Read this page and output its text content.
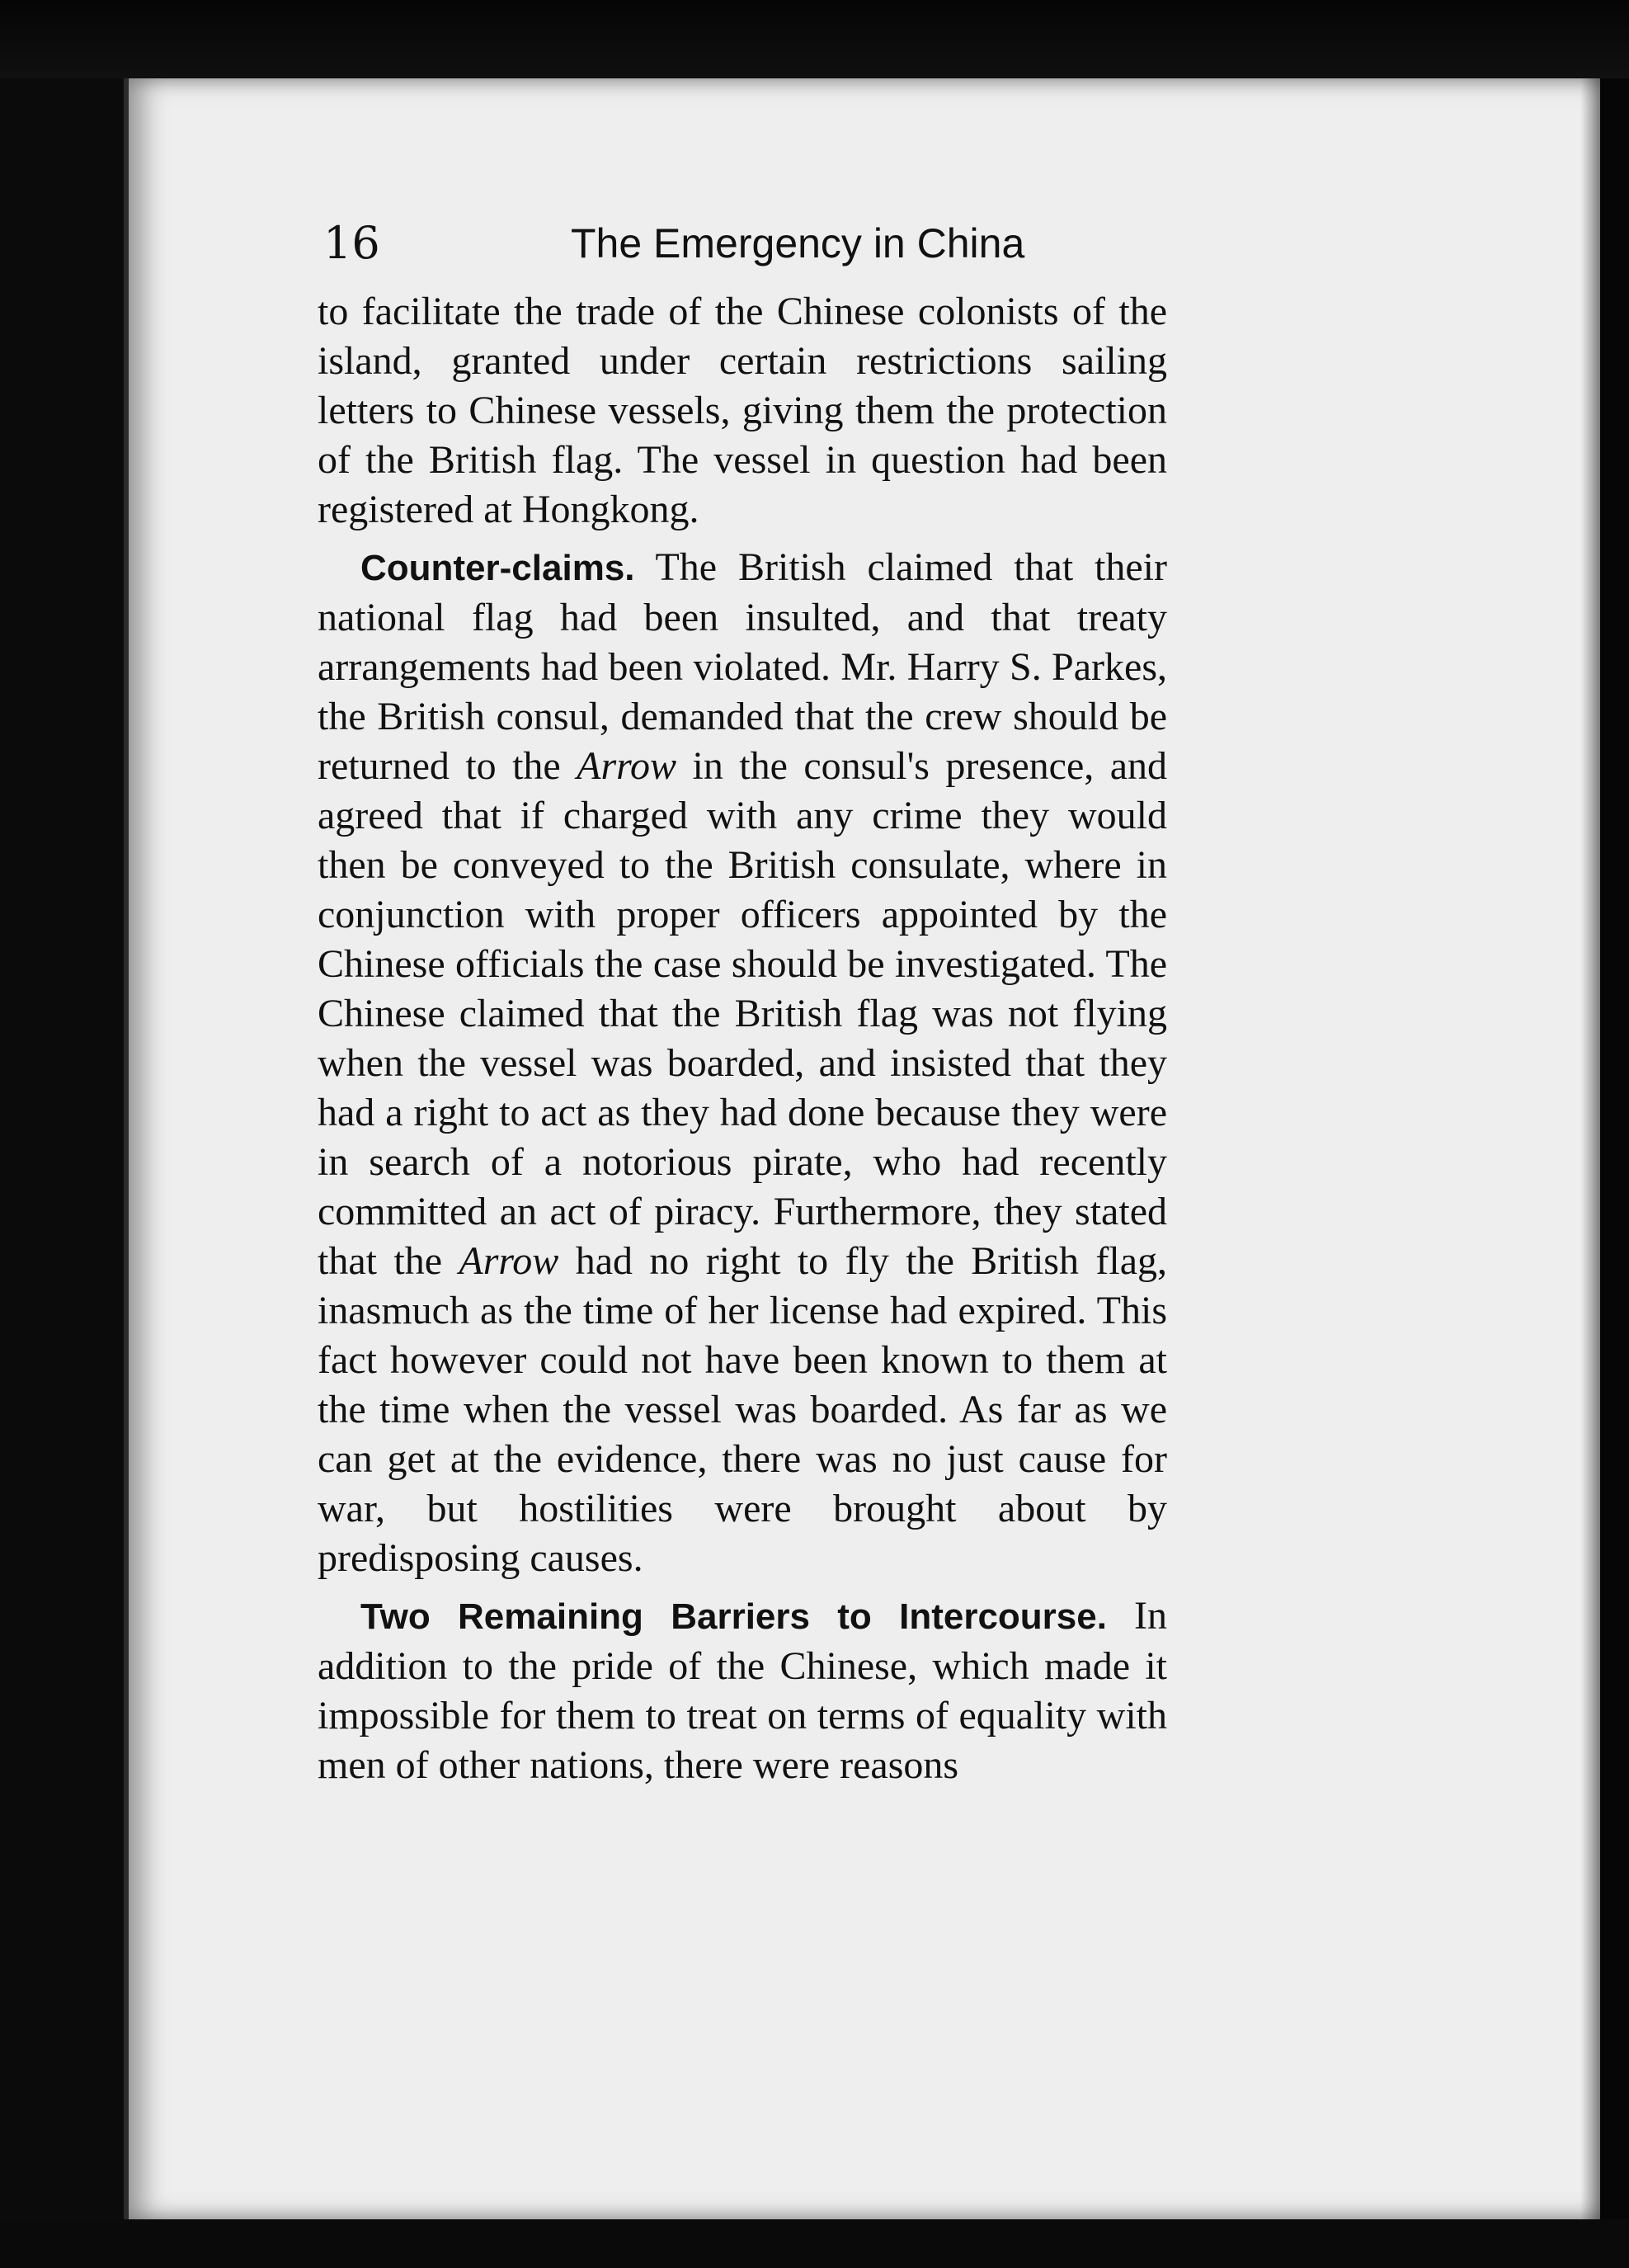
16	The Emergency in China

to facilitate the trade of the Chinese colonists of the island, granted under certain restrictions sailing letters to Chinese vessels, giving them the protection of the British flag. The vessel in question had been registered at Hongkong.

Counter-claims. The British claimed that their national flag had been insulted, and that treaty arrangements had been violated. Mr. Harry S. Parkes, the British consul, demanded that the crew should be returned to the Arrow in the consul's presence, and agreed that if charged with any crime they would then be conveyed to the British consulate, where in conjunction with proper officers appointed by the Chinese officials the case should be investigated. The Chinese claimed that the British flag was not flying when the vessel was boarded, and insisted that they had a right to act as they had done because they were in search of a notorious pirate, who had recently committed an act of piracy. Furthermore, they stated that the Arrow had no right to fly the British flag, inasmuch as the time of her license had expired. This fact however could not have been known to them at the time when the vessel was boarded. As far as we can get at the evidence, there was no just cause for war, but hostilities were brought about by predisposing causes.

Two Remaining Barriers to Intercourse. In addition to the pride of the Chinese, which made it impossible for them to treat on terms of equality with men of other nations, there were reasons
